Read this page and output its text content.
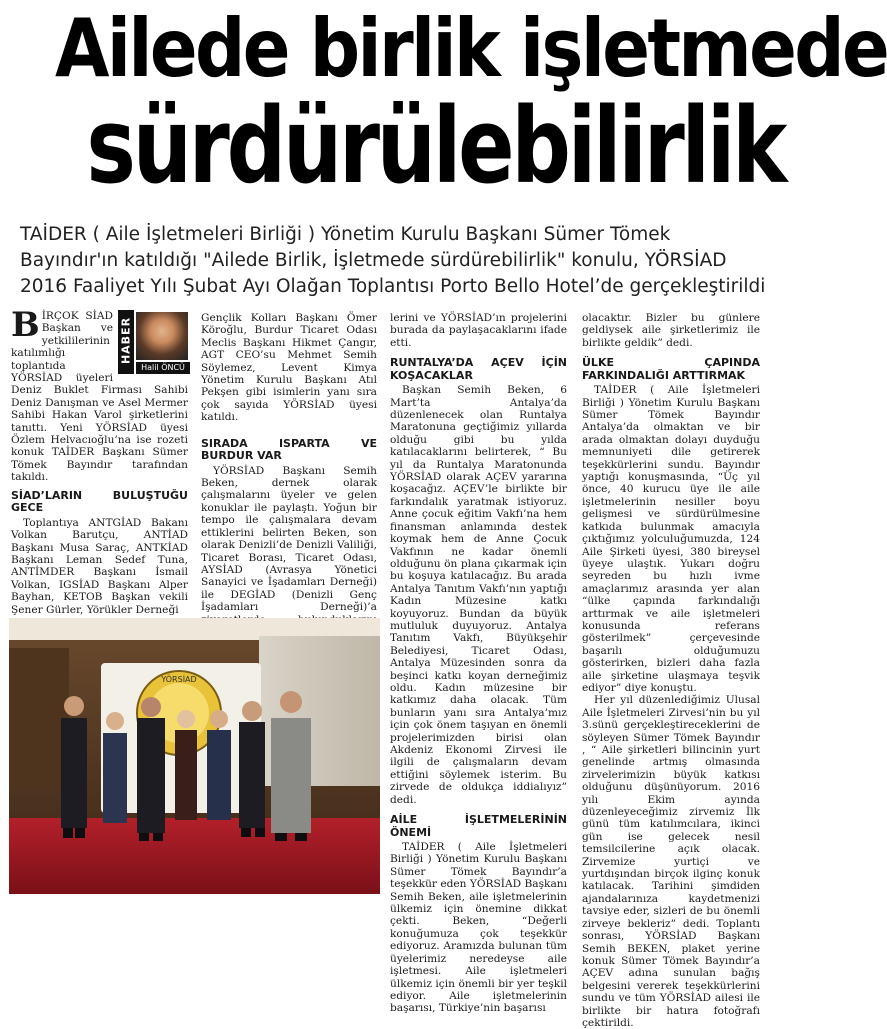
Ailede birlik işletmede
sürdürülebilirlik

TAİDER ( Aile İşletmeleri Birliği ) Yönetim Kurulu Başkanı Sümer Tömek

Bayındır'ın katıldığı "Ailede Birlik, İşletmede sürdürebilirlik" konulu, YÖRSİAD

2016 Faaliyet Yılı Şubat Ayı Olağan Toplantısı Porto Bello Hotel’de gerçekleştirildi

BİRÇOK SİAD Başkan ve yetkililerinin katılımlığı toplantıda YÖRSİAD üyeleri Deniz Buklet Firması Sahibi Deniz Danışman ve Asel Mermer Sahibi Hakan Varol şirketlerini tanıttı. Yeni YÖRSİAD üyesi Özlem Helvacıoğlu’na ise rozeti konuk TAİDER Başkanı Sümer Tömek Bayındır tarafından takıldı.

SİAD’LARIN BULUŞTUĞU GECE

Toplantıya ANTGİAD Bakanı Volkan Barutçu, ANTİAD Başkanı Musa Saraç, ANTKİAD Başkanı Leman Sedef Tuna, ANTİMDER Başkanı İsmail Volkan, IGSİAD Başkanı Alper Bayhan, KETOB Başkan vekili Şener Gürler, Yörükler Derneği

HABER
Halil ÖNCÜ

Gençlik Kolları Başkanı Ömer Köroğlu, Burdur Ticaret Odası Meclis Başkanı Hikmet Çangır, AGT CEO’su Mehmet Semih Söylemez, Levent Kimya Yönetim Kurulu Başkanı Atıl Pekşen gibi isimlerin yanı sıra çok sayıda YÖRSİAD üyesi katıldı.

SIRADA ISPARTA VE BURDUR VAR

YÖRSİAD Başkanı Semih Beken, dernek olarak çalışmalarını üyeler ve gelen konuklar ile paylaştı. Yoğun bir tempo ile çalışmalara devam ettiklerini belirten Beken, son olarak Denizli’de Denizli Valiliği, Ticaret Borası, Ticaret Odası, AYSİAD (Avrasya Yönetici Sanayici ve İşadamları Derneği) ile DEGİAD (Denizli Genç İşadamları Derneği)’a

lerini ve YÖRSİAD’ın projelerini burada da paylaşacaklarını ifade etti.

RUNTALYA’DA AÇEV İÇİN KOŞACAKLAR

Başkan Semih Beken, 6 Mart’ta Antalya’da düzenlenecek olan Runtalya Maratonuna geçtiğimiz yıllarda olduğu gibi bu yılda katılacaklarını belirterek, “ Bu yıl da Runtalya Maratonunda YÖRSİAD olarak AÇEV yararına koşacağız. AÇEV’le birlikte bir farkındalık yaratmak istiyoruz. Anne çocuk eğitim Vakfı’na hem finansman anlamında destek koymak hem de Anne Çocuk Vakfının ne kadar önemli olduğunu ön plana çıkarmak için bu koşuya katılacağız. Bu arada Antalya Tanıtım Vakfı’nın yaptığı Kadın Müzesine katkı koyuyoruz. Bundan da büyük mutluluk duyuyoruz. Antalya Tanıtım Vakfı, Büyükşehir Belediyesi, Ticaret Odası, Antalya Müzesinden sonra da beşinci katkı koyan derneğimiz oldu. Kadın müzesine bir katkımız daha olacak. Tüm bunların yanı sıra Antalya’mız için çok önem taşıyan en önemli projelerimizden birisi olan Akdeniz Ekonomi Zirvesi ile ilgili de çalışmaların devam ettiğini söylemek isterim. Bu zirvede de oldukça iddialıyız” dedi.

AİLE İŞLETMELERİNİN ÖNEMİ

TAİDER ( Aile İşletmeleri Birliği ) Yönetim Kurulu Başkanı Sümer Tömek Bayındır’a teşekkür eden YÖRSİAD Başkanı Semih Beken, aile işletmelerinin ülkemiz için önemine dikkat çekti. Beken, “Değerli konuğumuza çok teşekkür ediyoruz. Aramızda bulunan tüm üyelerimiz neredeyse aile işletmesi. Aile işletmeleri ülkemiz için önemli bir yer teşkil ediyor. Aile işletmelerinin başarısı, Türkiye’nin başarısı

olacaktır. Bizler bu günlere geldiysek aile şirketlerimiz ile birlikte geldik” dedi.

ÜLKE ÇAPINDA FARKINDALIĞI ARTTIRMAK

TAİDER ( Aile İşletmeleri Birliği ) Yönetim Kurulu Başkanı Sümer Tömek Bayındır Antalya’da olmaktan ve bir arada olmaktan dolayı duyduğu memnuniyeti dile getirerek teşekkürlerini sundu. Bayındır yaptığı konuşmasında, “Üç yıl önce, 40 kurucu üye ile aile işletmelerinin nesiller boyu gelişmesi ve sürdürülmesine katkıda bulunmak amacıyla çıktığımız yolculuğumuzda, 124 Aile Şirketi üyesi, 380 bireysel üyeye ulaştık. Yukarı doğru seyreden bu hızlı ivme amaçlarımız arasında yer alan “ülke çapında farkındalığı arttırmak ve aile işletmeleri konusunda referans gösterilmek” çerçevesinde başarılı olduğumuzu gösterirken, bizleri daha fazla aile şirketine ulaşmaya teşvik ediyor” diye konuştu.

Her yıl düzenlediğimiz Ulusal Aile İşletmeleri Zirvesi’nin bu yıl 3.sünü gerçekleştireceklerini de söyleyen Sümer Tömek Bayındır , “ Aile şirketleri bilincinin yurt genelinde artmış olmasında zirvelerimizin büyük katkısı olduğunu düşünüyorum. 2016 yılı Ekim ayında düzenleyeceğimiz zirvemiz İlk günü tüm katılımcılara, ikinci gün ise gelecek nesil temsilcilerine açık olacak. Zirvemize yurtiçi ve yurtdışından birçok ilginç konuk katılacak. Tarihini şimdiden ajandalarınıza kaydetmenizi tavsiye eder, sizleri de bu önemli zirveye bekleriz” dedi. Toplantı sonrası, YÖRSİAD Başkanı Semih BEKEN, plaket yerine konuk Sümer Tömek Bayındır’a AÇEV adına sunulan bağış belgesini vererek teşekkürlerini sundu ve tüm YÖRSİAD ailesi ile birlikte bir hatıra fotoğrafı çektirildi.

YÖRSİAD
